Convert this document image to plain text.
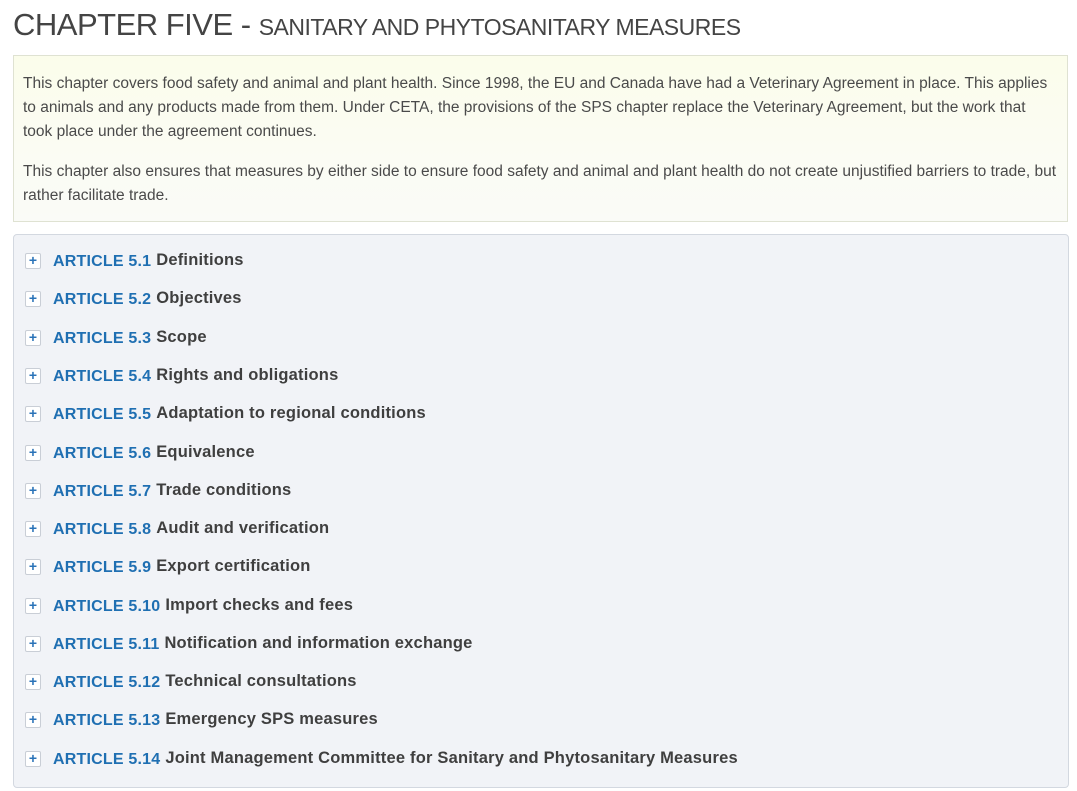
CHAPTER FIVE - SANITARY AND PHYTOSANITARY MEASURES

This chapter covers food safety and animal and plant health. Since 1998, the EU and Canada have had a Veterinary Agreement in place. This applies to animals and any products made from them. Under CETA, the provisions of the SPS chapter replace the Veterinary Agreement, but the work that took place under the agreement continues.

This chapter also ensures that measures by either side to ensure food safety and animal and plant health do not create unjustified barriers to trade, but rather facilitate trade.

+ ARTICLE 5.1 Definitions
+ ARTICLE 5.2 Objectives
+ ARTICLE 5.3 Scope
+ ARTICLE 5.4 Rights and obligations
+ ARTICLE 5.5 Adaptation to regional conditions
+ ARTICLE 5.6 Equivalence
+ ARTICLE 5.7 Trade conditions
+ ARTICLE 5.8 Audit and verification
+ ARTICLE 5.9 Export certification
+ ARTICLE 5.10 Import checks and fees
+ ARTICLE 5.11 Notification and information exchange
+ ARTICLE 5.12 Technical consultations
+ ARTICLE 5.13 Emergency SPS measures
+ ARTICLE 5.14 Joint Management Committee for Sanitary and Phytosanitary Measures
